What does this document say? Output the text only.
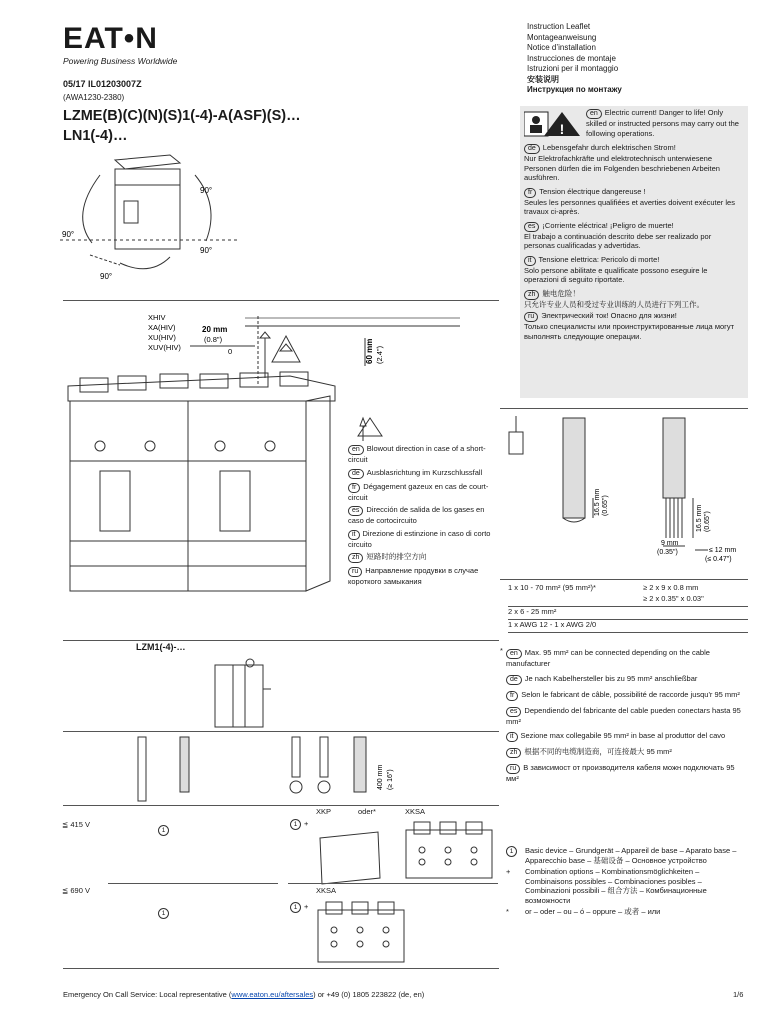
EAT•N
Powering Business Worldwide
Instruction Leaflet
Montageanweisung
Notice d’installation
Instrucciones de montaje
Istruzioni per il montaggio
安装说明
Инструкция по монтажу
05/17 IL01203007Z
(AWA1230-2380)
LZME(B)(C)(N)(S)1(-4)-A(ASF)(S)…
LN1(-4)…	!

en Electric current! Danger to life! Only skilled or instructed persons may carry out the following operations.

de Lebensgefahr durch elektrischen Strom!
Nur Elektrofachkräfte und elektrotechnisch unterwiesene Personen dürfen die im Folgenden beschriebenen Arbeiten ausführen.

fr Tension électrique dangereuse !
Seules les personnes qualifiées et averties doivent exécuter les travaux ci-après.

es ¡Corriente eléctrica! ¡Peligro de muerte!
El trabajo a continuación descrito debe ser realizado por personas cualificadas y advertidas.

it Tensione elettrica: Pericolo di morte!
Solo persone abilitate e qualificate possono eseguire le operazioni di seguito riportate.

zh 触电危险！
只允许专业人员和受过专业训练的人员进行下列工作。

ru Электрический ток! Опасно для жизни!
Только специалисты или проинструктированные лица могут выполнять следующие операции.

90°
90°
90°
90°
XHIV
XA(HIV)
XU(HIV)
XUV(HIV)
20 mm
(0.8")
0	60 mm (2.4")
en Blowout direction in case of a short-circuit
de Ausblasrichtung im Kurzschlussfall
fr Dégagement gazeux en cas de court-circuit
es Dirección de salida de los gases en caso de cortocircuito
it Direzione di estinzione in caso di corto circuito
zh 短路时的排空方向
ru Направление продувки в случае короткого замыкания
16.5 mm (0.65")	16.5 mm (0.65")
9 mm
(0.35")	≤ 12 mm
(≤ 0.47")
1 x 10 - 70 mm² (95 mm²)*	≥ 2 x 9 x 0.8 mm
≥ 2 x 0.35" x 0.03"
2 x 6 - 25 mm²
1 x AWG 12 - 1 x AWG 2/0
LZM1(-4)-…
400 mm (≥ 16")
XKP	oder*	XKSA
≦ 415 V
1
1 +
≦ 690 V	XKSA
1
1 +
*	en Max. 95 mm² can be connected depending on the cable manufacturer
de Je nach Kabelhersteller bis zu 95 mm² anschließbar
fr Selon le fabricant de câble, possibilité de raccorde jusqu'r 95 mm²
es Dependiendo del fabricante del cable pueden conectars hasta 95 mm²
it Sezione max collegabile 95 mm² in base al produttor del cavo
zh 根据不同的电缆制造商，可连接最大 95 mm²
ru В зависимост от производителя кабеля можн подключать 95 мм²
1	Basic device – Grundgerät – Appareil de base – Aparato base – Apparecchio base – 基础设备 – Основное устройство
+	Combination options – Kombinationsmöglichkeiten – Combinaisons possibles – Combinaciones posibles – Combinazioni possibili – 组合方法 – Комбинационные возможности
*	or – oder – ou – ó – oppure – 或者 – или
Emergency On Call Service: Local representative (www.eaton.eu/aftersales) or +49 (0) 1805 223822 (de, en)	1/6
